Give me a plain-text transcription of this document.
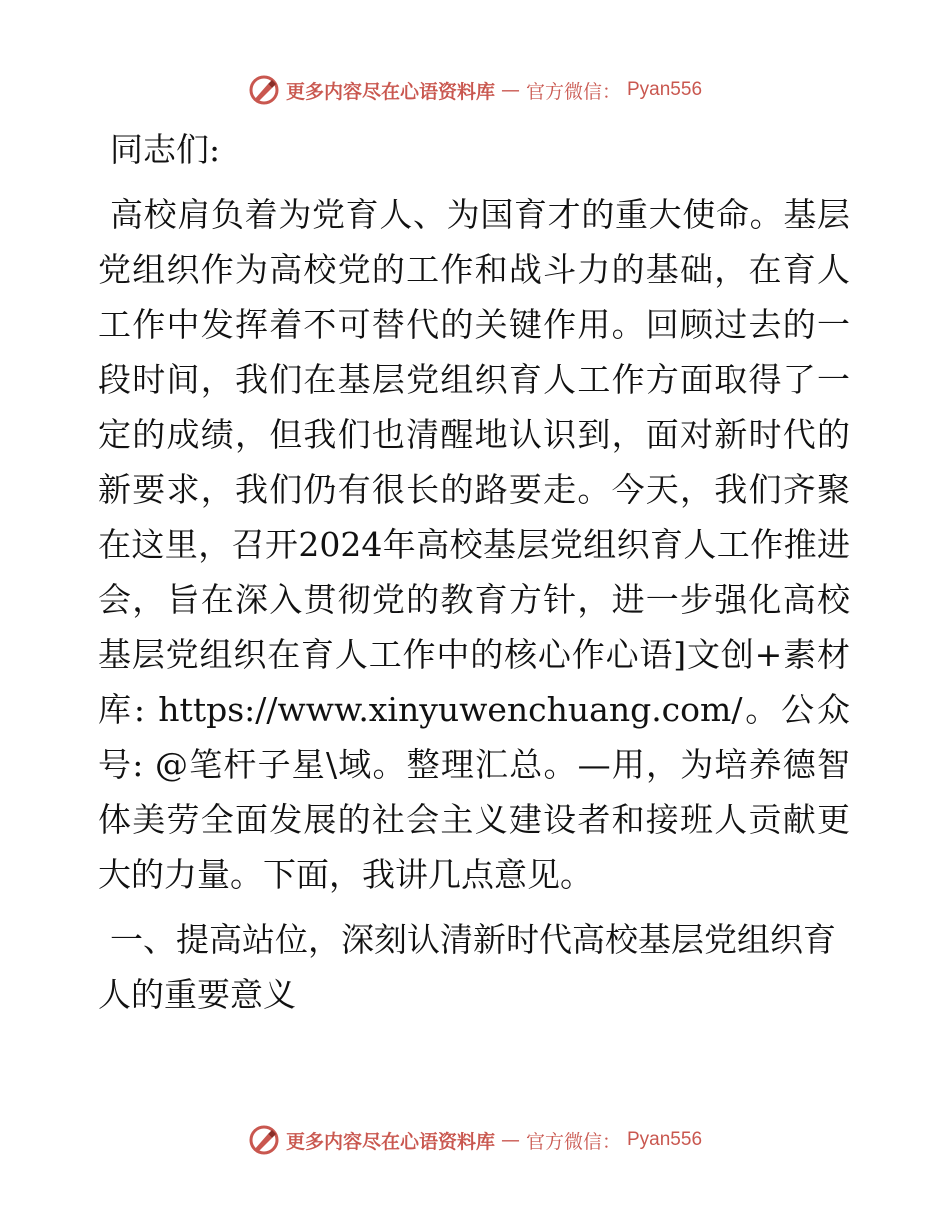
更多内容尽在心语资料库 — 官方微信： Pyan556

同志们:

高校肩负着为党育人、为国育才的重大使命。基层党组织作为高校党的工作和战斗力的基础，在育人工作中发挥着不可替代的关键作用。回顾过去的一段时间，我们在基层党组织育人工作方面取得了一定的成绩，但我们也清醒地认识到，面对新时代的新要求，我们仍有很长的路要走。今天，我们齐聚在这里，召开2024年高校基层党组织育人工作推进会，旨在深入贯彻党的教育方针，进一步强化高校基层党组织在育人工作中的核心作心语]文创+素材库: https://www.xinyuwenchuang.com/。公众号: @笔杆子星\域。整理汇总。—用，为培养德智体美劳全面发展的社会主义建设者和接班人贡献更大的力量。下面，我讲几点意见。

一、提高站位，深刻认清新时代高校基层党组织育人的重要意义

更多内容尽在心语资料库 — 官方微信： Pyan556
